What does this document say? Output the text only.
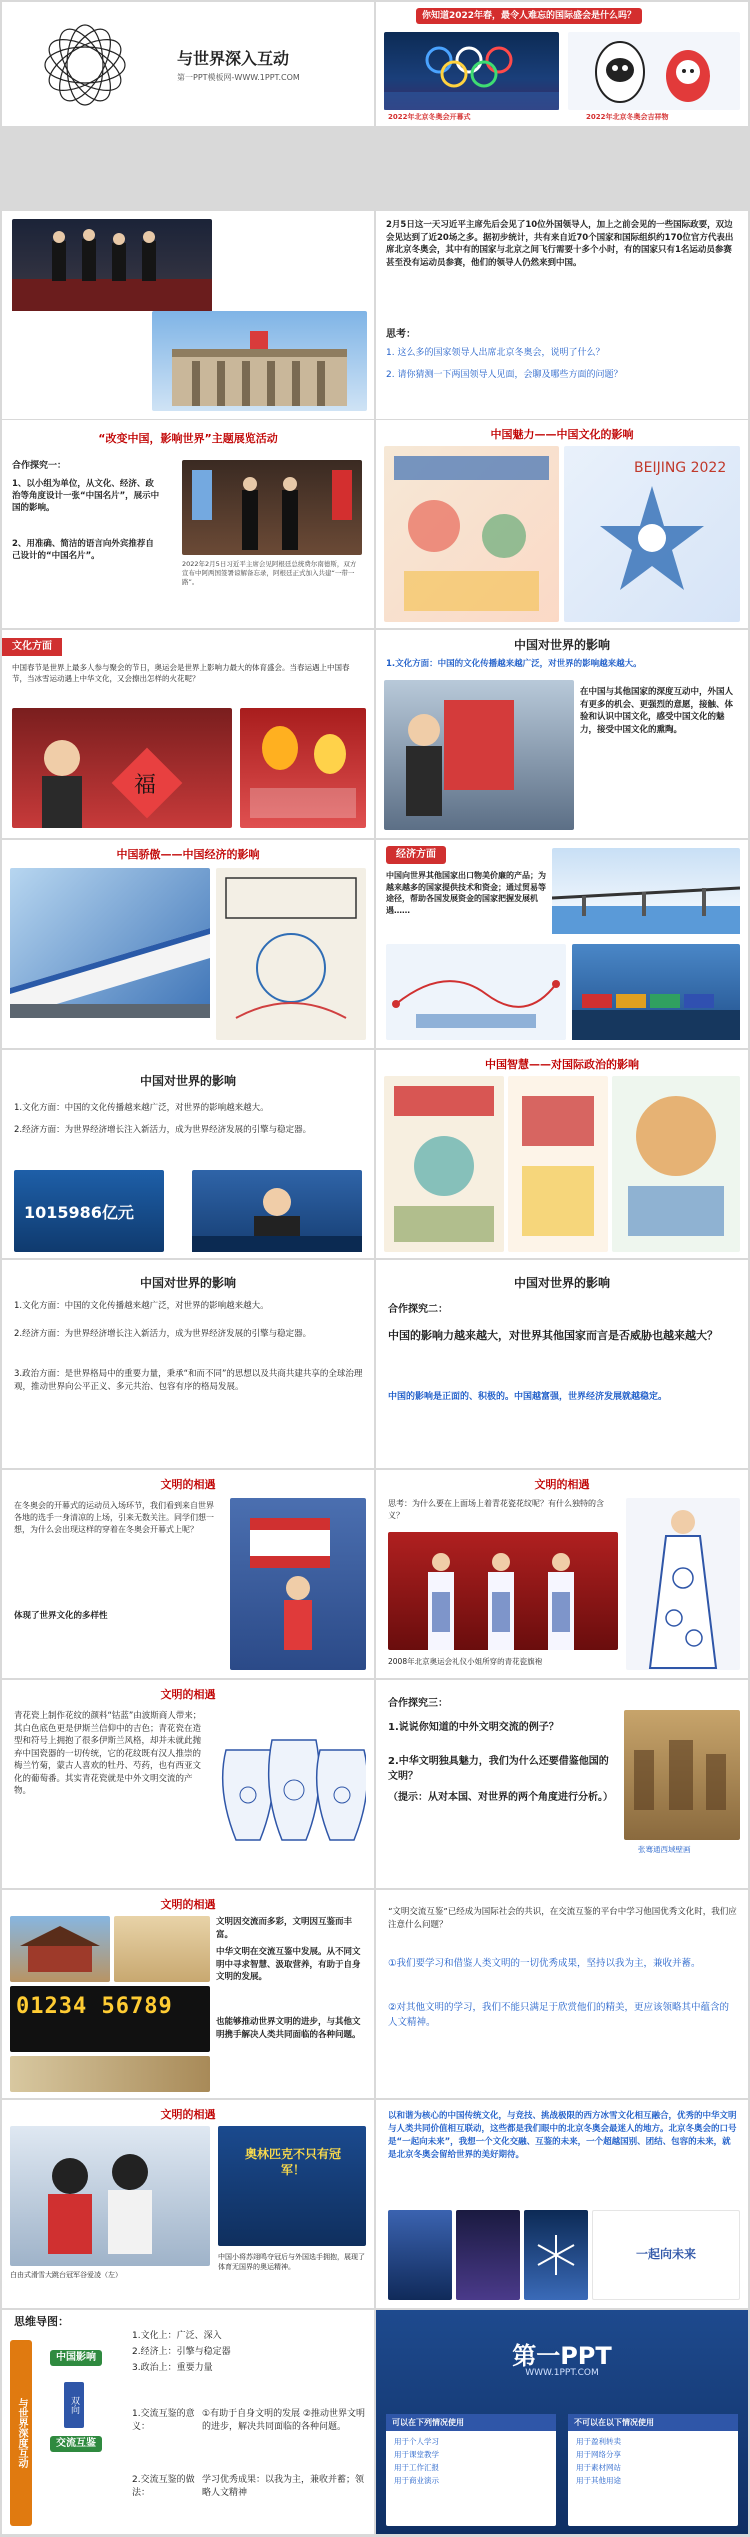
与世界深入互动
第一PPT模板网-WWW.1PPT.COM
你知道2022年春，最令人难忘的国际盛会是什么吗？
2022年北京冬奥会开幕式	2022年北京冬奥会吉祥物
2月5日这一天习近平主席先后会见了10位外国领导人，加上之前会见的一些国际政要，双边会见达到了近20场之多。据初步统计，共有来自近70个国家和国际组织约170位官方代表出席北京冬奥会，其中有的国家与北京之间飞行需要十多个小时，有的国家只有1名运动员参赛甚至没有运动员参赛，他们的领导人仍然来到中国。
思考：
1. 这么多的国家领导人出席北京冬奥会，说明了什么？
2. 请你猜测一下两国领导人见面，会聊及哪些方面的问题？
“改变中国，影响世界”主题展览活动
合作探究一：
1、以小组为单位，从文化、经济、政治等角度设计一张“中国名片”，展示中国的影响。
2、用准确、简洁的语言向外宾推荐自己设计的“中国名片”。
2022年2月5日习近平主席会见阿根廷总统费尔南德斯，双方宣布中阿两国签署谅解备忘录，阿根廷正式加入共建“一带一路”。
中国魅力——中国文化的影响
BEIJING 2022
文化方面
中国春节是世界上最多人参与聚会的节日，奥运会是世界上影响力最大的体育盛会。当春运遇上中国春节，当冰雪运动遇上中华文化，又会擦出怎样的火花呢？
福
中国对世界的影响
1.文化方面：中国的文化传播越来越广泛，对世界的影响越来越大。
在中国与其他国家的深度互动中，外国人有更多的机会、更强烈的意愿，接触、体验和认识中国文化，感受中国文化的魅力，接受中国文化的熏陶。
中国骄傲——中国经济的影响	经济方面
中国向世界其他国家出口物美价廉的产品；为越来越多的国家提供技术和资金；通过贸易等途径，帮助各国发展资金的国家把握发展机遇……
中国对世界的影响
1.文化方面：中国的文化传播越来越广泛，对世界的影响越来越大。
2.经济方面：为世界经济增长注入新活力，成为世界经济发展的引擎与稳定器。
1015986亿元
中国智慧——对国际政治的影响
中国对世界的影响
1.文化方面：中国的文化传播越来越广泛，对世界的影响越来越大。
2.经济方面：为世界经济增长注入新活力，成为世界经济发展的引擎与稳定器。
3.政治方面：是世界格局中的重要力量，秉承“和而不同”的思想以及共商共建共享的全球治理观，推动世界向公平正义、多元共治、包容有序的格局发展。
中国对世界的影响
合作探究二：
中国的影响力越来越大，对世界其他国家而言是否威胁也越来越大？
中国的影响是正面的、积极的。中国越富强，世界经济发展就越稳定。
文明的相遇
在冬奥会的开幕式的运动员入场环节，我们看到来自世界各地的选手一身清凉的上场，引来无数关注。同学们想一想，为什么会出现这样的穿着在冬奥会开幕式上呢？
体现了世界文化的多样性
文明的相遇
思考：为什么要在上面场上着青花瓷花纹呢？有什么独特的含义？
2008年北京奥运会礼仪小姐所穿的青花瓷旗袍
文明的相遇
青花瓷上制作花纹的颜料“钴蓝”由波斯商人带来；其白色底色更是伊斯兰信仰中的吉色；青花瓷在造型和符号上拥抱了很多伊斯兰风格，却并未就此抛弃中国瓷器的一切传统，它的花纹既有汉人推崇的梅兰竹菊，蒙古人喜欢的牡丹、芍药，也有西亚文化的葡萄番。其实青花瓷就是中外文明交流的产物。
合作探究三：
1.说说你知道的中外文明交流的例子？
2.中华文明独具魅力，我们为什么还要借鉴他国的文明？
（提示：从对本国、对世界的两个角度进行分析。）
张骞通西域壁画
文明的相遇
01234 56789
文明因交流而多彩，文明因互鉴而丰富。
中华文明在交流互鉴中发展。从不同文明中寻求智慧、汲取营养，有助于自身文明的发展。
也能够推动世界文明的进步，与其他文明携手解决人类共同面临的各种问题。
“文明交流互鉴”已经成为国际社会的共识，在交流互鉴的平台中学习他国优秀文化时，我们应注意什么问题？
①我们要学习和借鉴人类文明的一切优秀成果，坚持以我为主，兼收并蓄。
②对其他文明的学习，我们不能只满足于欣赏他们的精美，更应该领略其中蕴含的人文精神。
文明的相遇
白由式滑雪大跳台冠军谷爱凌（左）
奥林匹克不只有冠军！
中国小将苏翊鸣夺冠后与外国选手拥抱，展现了体育无国界的奥运精神。
以和谐为核心的中国传统文化，与竞技、挑战极限的西方冰雪文化相互融合，优秀的中华文明与人类共同价值相互联动，这些都是我们眼中的北京冬奥会最迷人的地方。北京冬奥会的口号是“一起向未来”，我想一个文化交融、互鉴的未来，一个超越国别、团结、包容的未来，就是北京冬奥会留给世界的美好期待。
一起向未来
思维导图：
与世界深度互动
中国影响
双向
交流互鉴
1.文化上：广泛、深入
2.经济上：引擎与稳定器
3.政治上：重要力量
1.交流互鉴的意义：
①有助于自身文明的发展 ②推动世界文明的进步，解决共同面临的各种问题。
2.交流互鉴的做法：
学习优秀成果：以我为主，兼收并蓄；领略人文精神
第一PPT
WWW.1PPT.COM
可以在下列情况使用
用于个人学习
用于课堂教学
用于工作汇报
用于商业演示
不可以在以下情况使用
用于盈利转卖
用于网络分享
用于素材网站
用于其他用途
